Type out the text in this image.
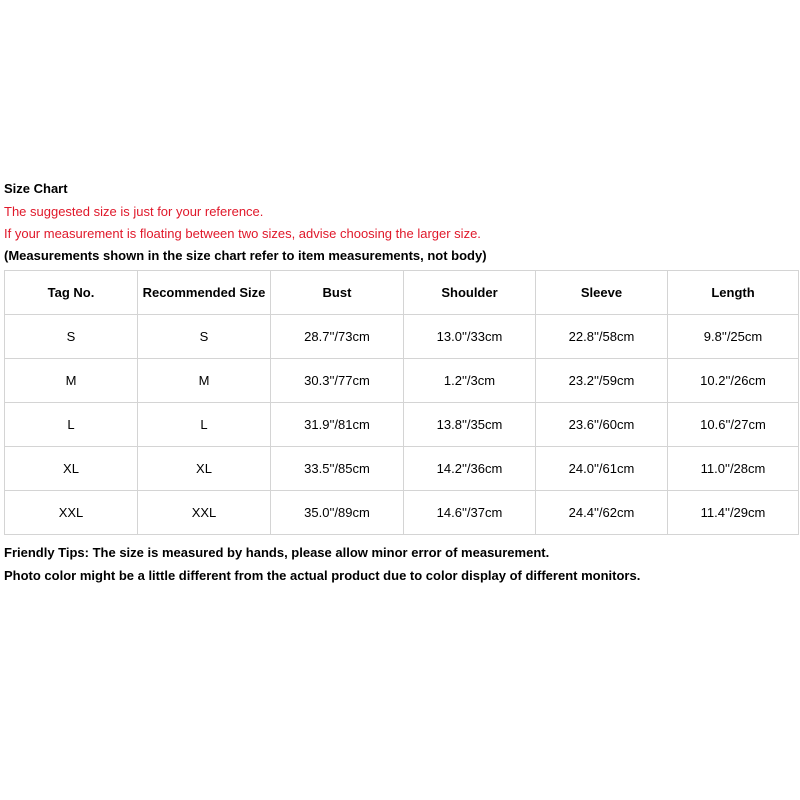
Size Chart
The suggested size is just for your reference.
If your measurement is floating between two sizes, advise choosing the larger size.
(Measurements shown in the size chart refer to item measurements, not body)
Tag No.	Recommended Size	Bust	Shoulder	Sleeve	Length
S	S	28.7''/73cm	13.0''/33cm	22.8''/58cm	9.8''/25cm
M	M	30.3''/77cm	1.2''/3cm	23.2''/59cm	10.2''/26cm
L	L	31.9''/81cm	13.8''/35cm	23.6''/60cm	10.6''/27cm
XL	XL	33.5''/85cm	14.2''/36cm	24.0''/61cm	11.0''/28cm
XXL	XXL	35.0''/89cm	14.6''/37cm	24.4''/62cm	11.4''/29cm
Friendly Tips: The size is measured by hands, please allow minor error of measurement.
Photo color might be a little different from the actual product due to color display of different monitors.
